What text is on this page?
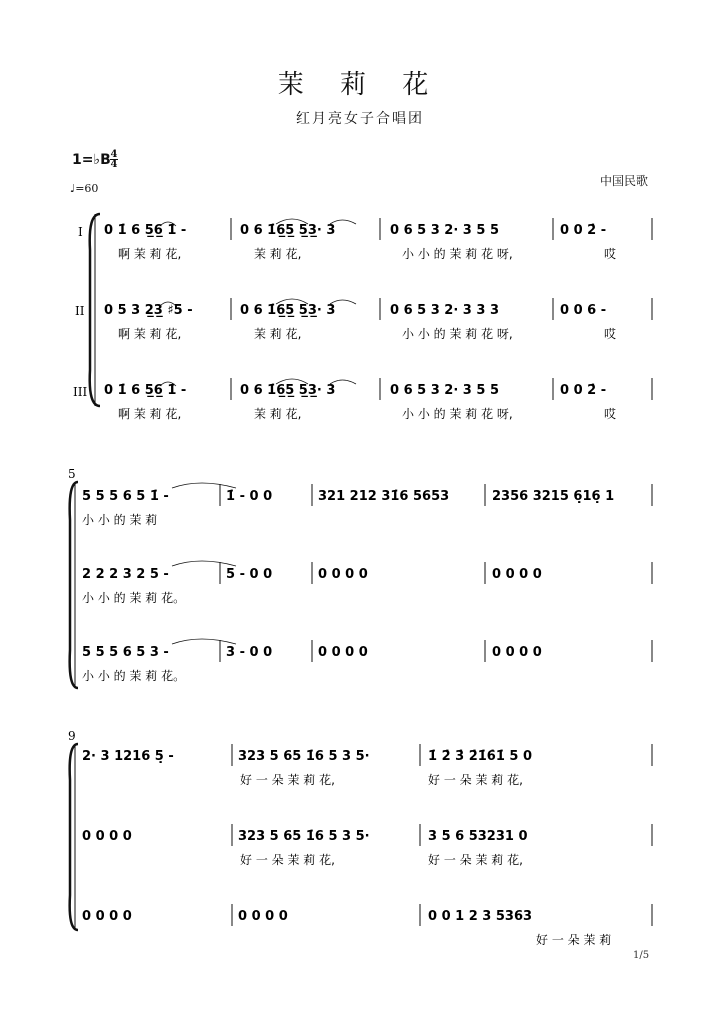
茉 莉 花
红月亮女子合唱团
1=♭B 4
4
♩=60
中国民歌
1/5
I
II
III
0 1̇ 6 5̲6̲ 1̇ -	0 6 1̇6̲5̲ 5̲3̲· 3	0 6 5 3 2· 3 5 5	0 0 2̇ -
啊 茉 莉 花,	茉 莉 花,	小 小 的 茉 莉 花 呀,	哎
0 5 3 2̲3̲ ♯5 -	0 6 1̇6̲5̲ 5̲3̲· 3	0 6 5 3 2· 3 3 3	0 0 6 -
啊 茉 莉 花,	茉 莉 花,	小 小 的 茉 莉 花 呀,	哎
0 1̇ 6 5̲6̲ 1̇ -	0 6 1̇6̲5̲ 5̲3̲· 3	0 6 5 3 2· 3 5 5	0 0 2̇ -
啊 茉 莉 花,	茉 莉 花,	小 小 的 茉 莉 花 呀,	哎
5
5 5 5 6 5 1̇ -	1̇ - 0 0	321 212 31̇6 5653	2356 3215 6̣16̣ 1
小 小 的 茉 莉
2 2 2 3 2 5 -	5 - 0 0	0 0 0 0	0 0 0 0
小 小 的 茉 莉 花。
5 5 5 6 5 3 -	3 - 0 0	0 0 0 0	0 0 0 0
小 小 的 茉 莉 花。
9
2· 3 1216 5̣ -	323 5 65 1̇6 5 3 5·	1̇ 2̇ 3̇ 2̇1̇6̇1̇ 5 0
好 一 朵 茉 莉 花,	好 一 朵 茉 莉 花,
0 0 0 0	323 5 65 1̇6 5 3 5·	3 5 6 53231 0
好 一 朵 茉 莉 花,	好 一 朵 茉 莉 花,
0 0 0 0	0 0 0 0	0 0 1 2 3 5363
好 一 朵 茉 莉
